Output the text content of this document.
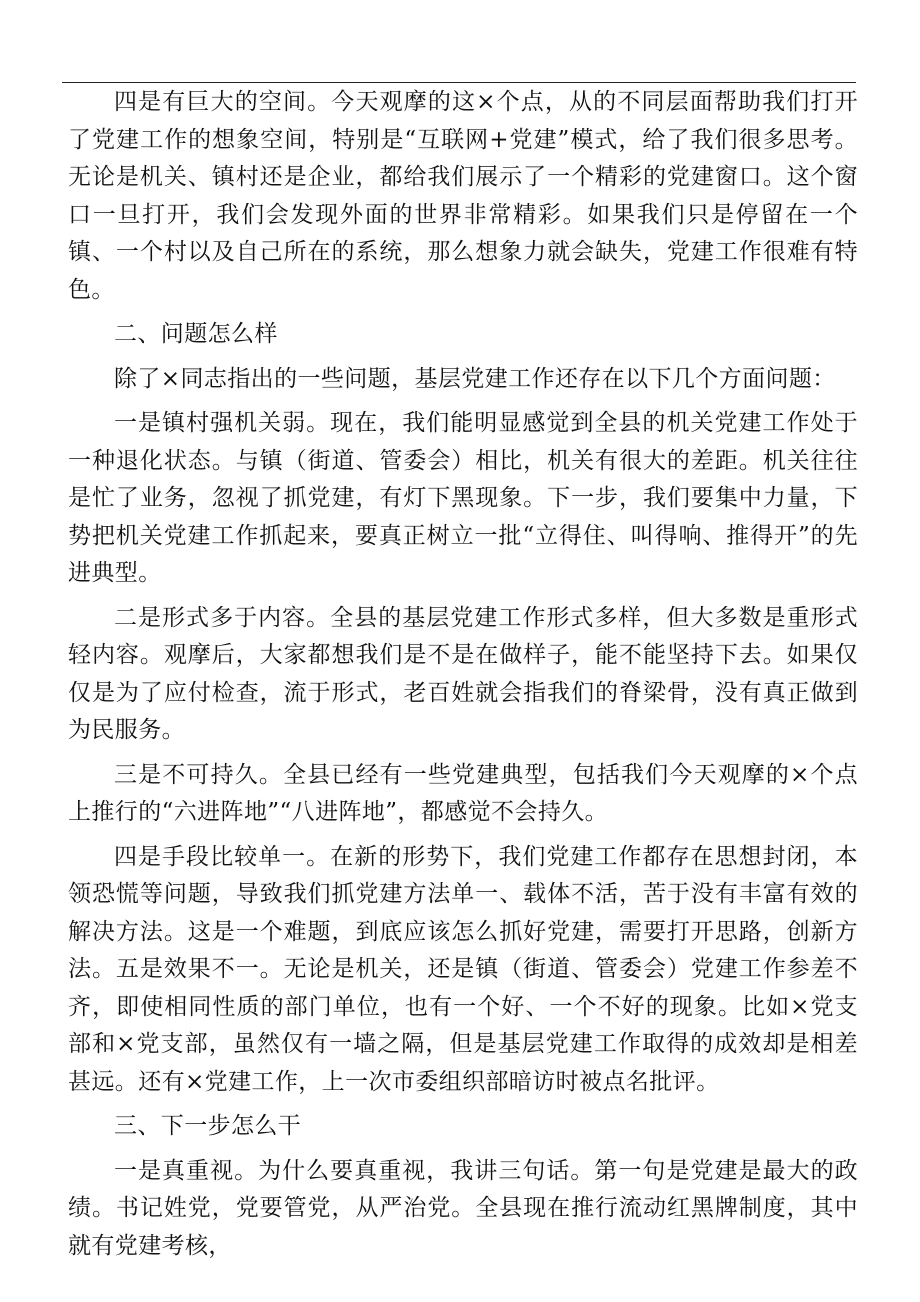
四是有巨大的空间。今天观摩的这×个点，从的不同层面帮助我们打开了党建工作的想象空间，特别是“互联网+党建”模式，给了我们很多思考。无论是机关、镇村还是企业，都给我们展示了一个精彩的党建窗口。这个窗口一旦打开，我们会发现外面的世界非常精彩。如果我们只是停留在一个镇、一个村以及自己所在的系统，那么想象力就会缺失，党建工作很难有特色。

二、问题怎么样

除了×同志指出的一些问题，基层党建工作还存在以下几个方面问题：

一是镇村强机关弱。现在，我们能明显感觉到全县的机关党建工作处于一种退化状态。与镇（街道、管委会）相比，机关有很大的差距。机关往往是忙了业务，忽视了抓党建，有灯下黑现象。下一步，我们要集中力量，下势把机关党建工作抓起来，要真正树立一批“立得住、叫得响、推得开”的先进典型。

二是形式多于内容。全县的基层党建工作形式多样，但大多数是重形式轻内容。观摩后，大家都想我们是不是在做样子，能不能坚持下去。如果仅仅是为了应付检查，流于形式，老百姓就会指我们的脊梁骨，没有真正做到为民服务。

三是不可持久。全县已经有一些党建典型，包括我们今天观摩的×个点上推行的“六进阵地”“八进阵地”，都感觉不会持久。

四是手段比较单一。在新的形势下，我们党建工作都存在思想封闭，本领恐慌等问题，导致我们抓党建方法单一、载体不活，苦于没有丰富有效的解决方法。这是一个难题，到底应该怎么抓好党建，需要打开思路，创新方法。五是效果不一。无论是机关，还是镇（街道、管委会）党建工作参差不齐，即使相同性质的部门单位，也有一个好、一个不好的现象。比如×党支部和×党支部，虽然仅有一墙之隔，但是基层党建工作取得的成效却是相差甚远。还有×党建工作，上一次市委组织部暗访时被点名批评。

三、下一步怎么干

一是真重视。为什么要真重视，我讲三句话。第一句是党建是最大的政绩。书记姓党，党要管党，从严治党。全县现在推行流动红黑牌制度，其中就有党建考核，
